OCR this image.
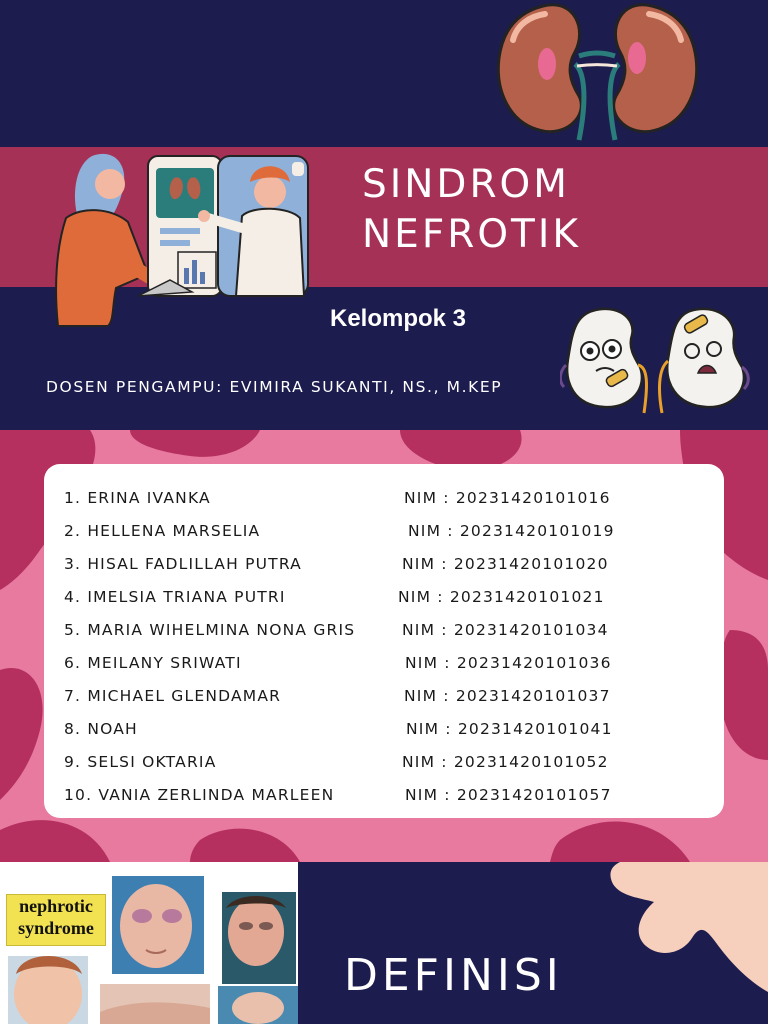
SINDROM
NEFROTIK
Kelompok 3
DOSEN PENGAMPU: EVIMIRA SUKANTI, NS., M.KEP
1. ERINA IVANKA	NIM : 20231420101016
2. HELLENA MARSELIA	NIM : 20231420101019
3. HISAL FADLILLAH PUTRA	NIM : 20231420101020
4. IMELSIA TRIANA PUTRI	NIM : 20231420101021
5. MARIA WIHELMINA NONA GRIS	NIM : 20231420101034
6. MEILANY SRIWATI	NIM : 20231420101036
7. MICHAEL GLENDAMAR	NIM : 20231420101037
8. NOAH	NIM : 20231420101041
9. SELSI OKTARIA	NIM : 20231420101052
10. VANIA ZERLINDA MARLEEN	NIM : 20231420101057
nephrotic
syndrome
DEFINISI
